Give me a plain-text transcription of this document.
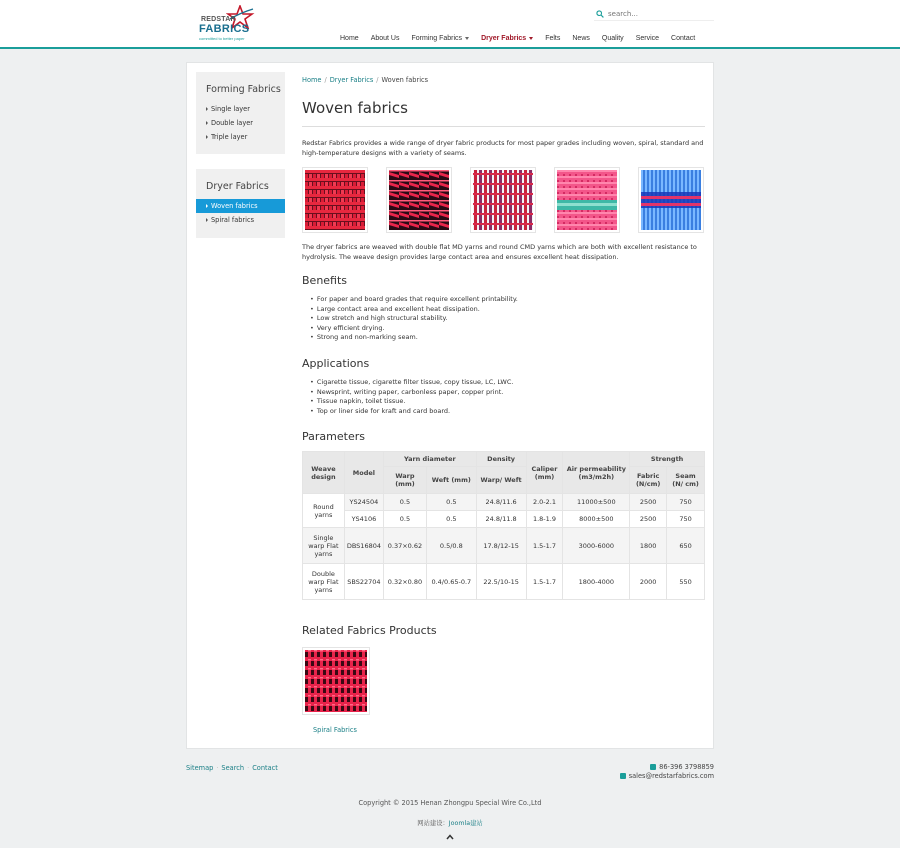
REDSTAR
FABRICS
committed to better paper
search...	Home About Us Forming Fabrics	Dryer Fabrics	Felts News Quality Service Contact
Forming Fabrics
Single layer
Double layer
Triple layer
Dryer Fabrics
Woven fabrics
Spiral fabrics
Home / Dryer Fabrics / Woven fabrics
Woven fabrics
Redstar Fabrics provides a wide range of dryer fabric products for most paper grades including woven, spiral, standard and high-temperature designs with a variety of seams.
The dryer fabrics are weaved with double flat MD yarns and round CMD yarns which are both with excellent resistance to hydrolysis. The weave design provides large contact area and ensures excellent heat dissipation.
Benefits
• For paper and board grades that require excellent printability.
• Large contact area and excellent heat dissipation.
• Low stretch and high structural stability.
• Very efficient drying.
• Strong and non-marking seam.
Applications
• Cigarette tissue, cigarette filter tissue, copy tissue, LC, LWC.
• Newsprint, writing paper, carbonless paper, copper print.
• Tissue napkin, toilet tissue.
• Top or liner side for kraft and card board.
Parameters
Weave design	Model	Yarn diameter		Density	Caliper (mm)	Air permeability (m3/m2h)	Strength	
		Warp (mm)	Weft (mm)	Warp/ Weft			Fabric (N/cm)	Seam (N/ cm)

Round yarns	YS24504	0.5	0.5	24.8/11.6	2.0-2.1	11000±500	2500	750
	YS4106	0.5	0.5	24.8/11.8	1.8-1.9	8000±500	2500	750
Single warp Flat yarns	DBS16804	0.37×0.62	0.5/0.8	17.8/12-15	1.5-1.7	3000-6000	1800	650
Double warp Flat yarns	SBS22704	0.32×0.80	0.4/0.65-0.7	22.5/10-15	1.5-1.7	1800-4000	2000	550
Related Fabrics Products
Spiral Fabrics
Sitemap · Search · Contact	86-396 3798859
sales@redstarfabrics.com
Copyright © 2015 Henan Zhongpu Special Wire Co.,Ltd
网站建设：Joomla建站
